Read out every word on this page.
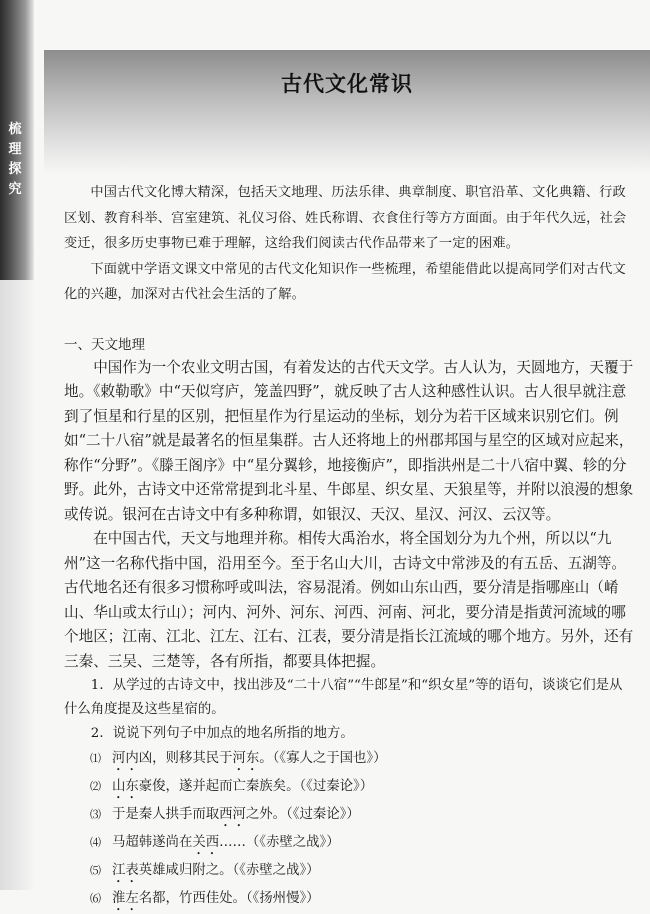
梳
理
探
究
古代文化常识

中国古代文化博大精深，包括天文地理、历法乐律、典章制度、职官沿革、文化典籍、行政区划、教育科举、宫室建筑、礼仪习俗、姓氏称谓、衣食住行等方方面面。由于年代久远，社会变迁，很多历史事物已难于理解，这给我们阅读古代作品带来了一定的困难。

下面就中学语文课文中常见的古代文化知识作一些梳理，希望能借此以提高同学们对古代文化的兴趣，加深对古代社会生活的了解。

一、天文地理

中国作为一个农业文明古国，有着发达的古代天文学。古人认为，天圆地方，天覆于地。《敕勒歌》中“天似穹庐，笼盖四野”，就反映了古人这种感性认识。古人很早就注意到了恒星和行星的区别，把恒星作为行星运动的坐标，划分为若干区域来识别它们。例如“二十八宿”就是最著名的恒星集群。古人还将地上的州郡邦国与星空的区域对应起来，称作“分野”。《滕王阁序》中“星分翼轸，地接衡庐”，即指洪州是二十八宿中翼、轸的分野。此外，古诗文中还常常提到北斗星、牛郎星、织女星、天狼星等，并附以浪漫的想象或传说。银河在古诗文中有多种称谓，如银汉、天汉、星汉、河汉、云汉等。

在中国古代，天文与地理并称。相传大禹治水，将全国划分为九个州，所以以“九州”这一名称代指中国，沿用至今。至于名山大川，古诗文中常涉及的有五岳、五湖等。古代地名还有很多习惯称呼或叫法，容易混淆。例如山东山西，要分清是指哪座山（崤山、华山或太行山）；河内、河外、河东、河西、河南、河北，要分清是指黄河流域的哪个地区；江南、江北、江左、江右、江表，要分清是指长江流域的哪个地方。另外，还有三秦、三吴、三楚等，各有所指，都要具体把握。

1．从学过的古诗文中，找出涉及“二十八宿”“牛郎星”和“织女星”等的语句，谈谈它们是从什么角度提及这些星宿的。

2．说说下列句子中加点的地名所指的地方。

⑴ 河内凶，则移其民于河东。（《寡人之于国也》）

⑵ 山东豪俊，遂并起而亡秦族矣。（《过秦论》）

⑶ 于是秦人拱手而取西河之外。（《过秦论》）

⑷ 马超韩遂尚在关西……（《赤壁之战》）

⑸ 江表英雄咸归附之。（《赤壁之战》）

⑹ 淮左名都，竹西佳处。（《扬州慢》）
